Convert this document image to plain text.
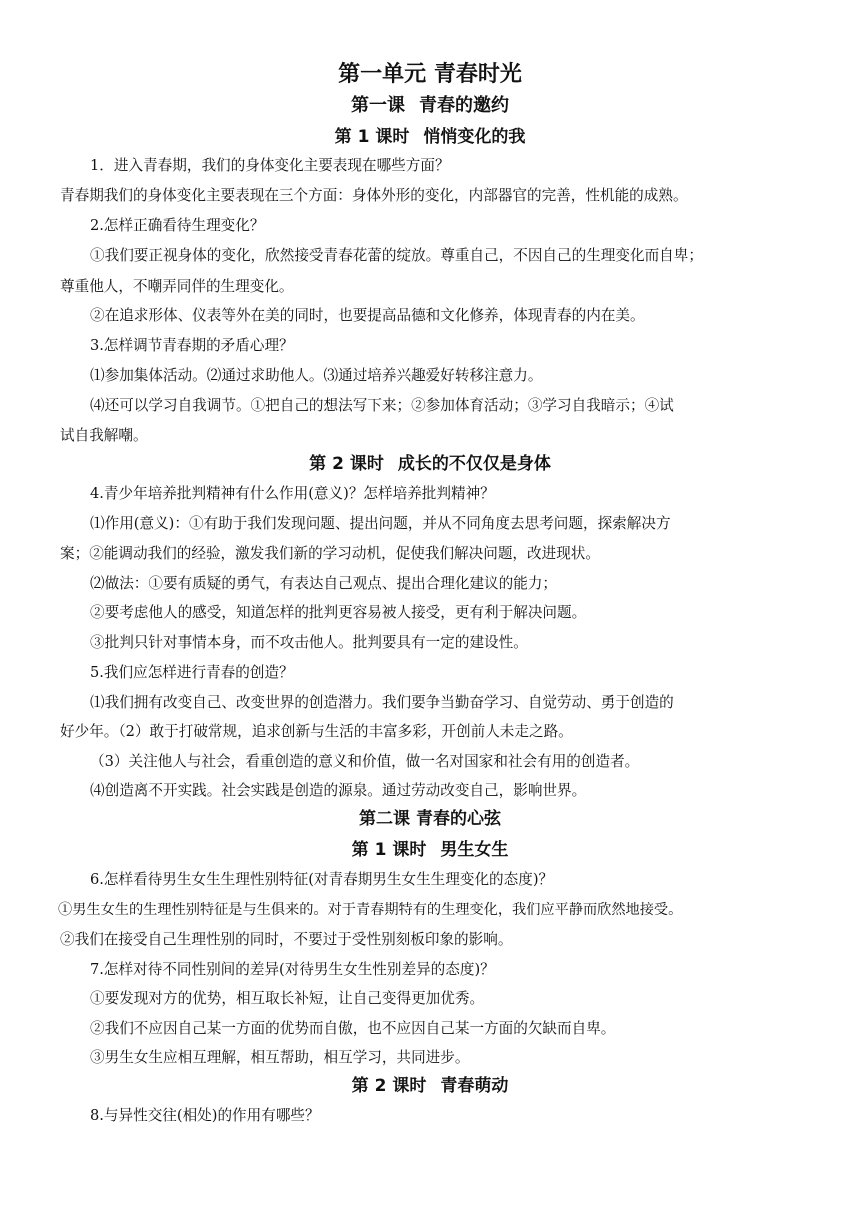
第一单元 青春时光
第一课 青春的邀约
第 1 课时 悄悄变化的我
1．进入青春期，我们的身体变化主要表现在哪些方面？
青春期我们的身体变化主要表现在三个方面：身体外形的变化，内部器官的完善，性机能的成熟。
2.怎样正确看待生理变化？
①我们要正视身体的变化，欣然接受青春花蕾的绽放。尊重自己，不因自己的生理变化而自卑；
尊重他人，不嘲弄同伴的生理变化。
②在追求形体、仪表等外在美的同时，也要提高品德和文化修养，体现青春的内在美。
3.怎样调节青春期的矛盾心理？
⑴参加集体活动。⑵通过求助他人。⑶通过培养兴趣爱好转移注意力。
⑷还可以学习自我调节。①把自己的想法写下来；②参加体育活动；③学习自我暗示；④试
试自我解嘲。
第 2 课时 成长的不仅仅是身体
4.青少年培养批判精神有什么作用(意义)？怎样培养批判精神？
⑴作用(意义)：①有助于我们发现问题、提出问题，并从不同角度去思考问题，探索解决方
案；②能调动我们的经验，激发我们新的学习动机，促使我们解决问题，改进现状。
⑵做法：①要有质疑的勇气，有表达自己观点、提出合理化建议的能力；
②要考虑他人的感受，知道怎样的批判更容易被人接受，更有利于解决问题。
③批判只针对事情本身，而不攻击他人。批判要具有一定的建设性。
5.我们应怎样进行青春的创造？
⑴我们拥有改变自己、改变世界的创造潜力。我们要争当勤奋学习、自觉劳动、勇于创造的
好少年。（2）敢于打破常规，追求创新与生活的丰富多彩，开创前人未走之路。
（3）关注他人与社会，看重创造的意义和价值，做一名对国家和社会有用的创造者。
⑷创造离不开实践。社会实践是创造的源泉。通过劳动改变自己，影响世界。
第二课 青春的心弦
第 1 课时 男生女生
6.怎样看待男生女生生理性别特征(对青春期男生女生生理变化的态度)？
①男生女生的生理性别特征是与生俱来的。对于青春期特有的生理变化，我们应平静而欣然地接受。
②我们在接受自己生理性别的同时，不要过于受性别刻板印象的影响。
7.怎样对待不同性别间的差异(对待男生女生性别差异的态度)？
①要发现对方的优势，相互取长补短，让自己变得更加优秀。
②我们不应因自己某一方面的优势而自傲，也不应因自己某一方面的欠缺而自卑。
③男生女生应相互理解，相互帮助，相互学习，共同进步。
第 2 课时 青春萌动
8.与异性交往(相处)的作用有哪些？
